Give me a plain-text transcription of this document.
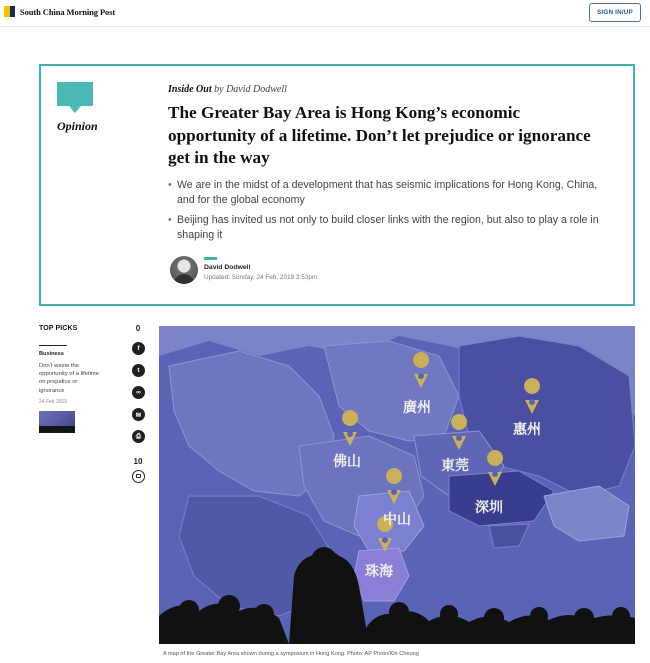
South China Morning Post	SIGN IN/UP
Opinion
Inside Out by David Dodwell
The Greater Bay Area is Hong Kong’s economic opportunity of a lifetime. Don’t let prejudice or ignorance get in the way
• We are in the midst of a development that has seismic implications for Hong Kong, China, and for the global economy
• Beijing has invited us not only to build closer links with the region, but also to play a role in shaping it
David Dodwell
Updated: Sunday, 24 Feb, 2019 3:53pm
TOP PICKS
Business
Don’t waste the opportunity of a lifetime on prejudice or ignorance
24 Feb 2019
0
f
t
∞
✉
⎙
10
廣州
惠州
佛山	東莞
深圳
中山
珠海
A map of the Greater Bay Area shown during a symposium in Hong Kong. Photo: AP Photo/Kin Cheung
